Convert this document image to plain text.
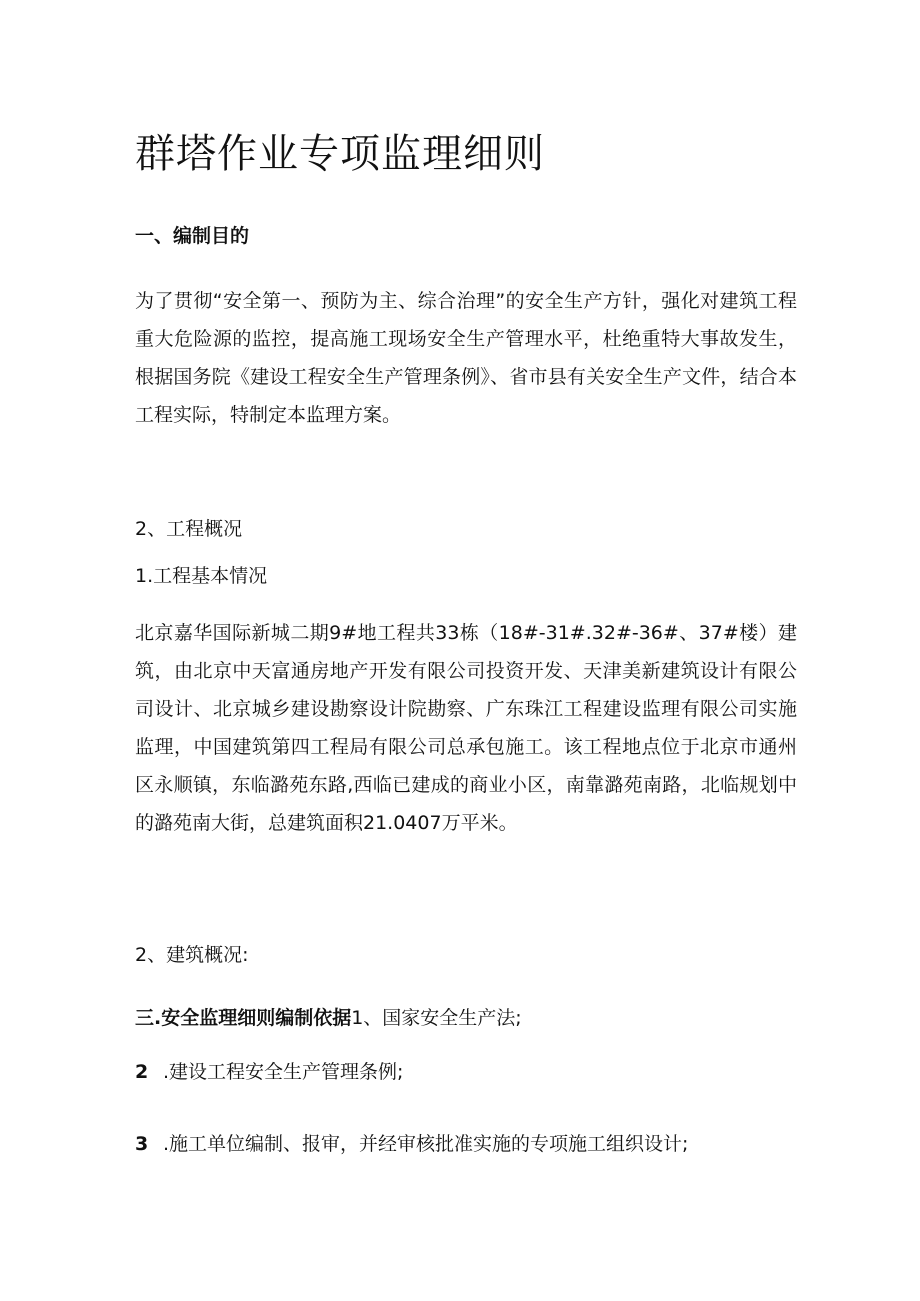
群塔作业专项监理细则
一、编制目的
为了贯彻“安全第一、预防为主、综合治理”的安全生产方针，强化对建筑工程重大危险源的监控，提高施工现场安全生产管理水平，杜绝重特大事故发生，根据国务院《建设工程安全生产管理条例》、省市县有关安全生产文件，结合本工程实际，特制定本监理方案。
2、工程概况
1.工程基本情况
北京嘉华国际新城二期9#地工程共33栋（18#-31#.32#-36#、37#楼）建筑，由北京中天富通房地产开发有限公司投资开发、天津美新建筑设计有限公司设计、北京城乡建设勘察设计院勘察、广东珠江工程建设监理有限公司实施监理，中国建筑第四工程局有限公司总承包施工。该工程地点位于北京市通州区永顺镇，东临潞苑东路,西临已建成的商业小区，南靠潞苑南路，北临规划中的潞苑南大街，总建筑面积21.0407万平米。
2、建筑概况:
三.安全监理细则编制依据1、国家安全生产法;
2 .建设工程安全生产管理条例;
3 .施工单位编制、报审，并经审核批准实施的专项施工组织设计;
